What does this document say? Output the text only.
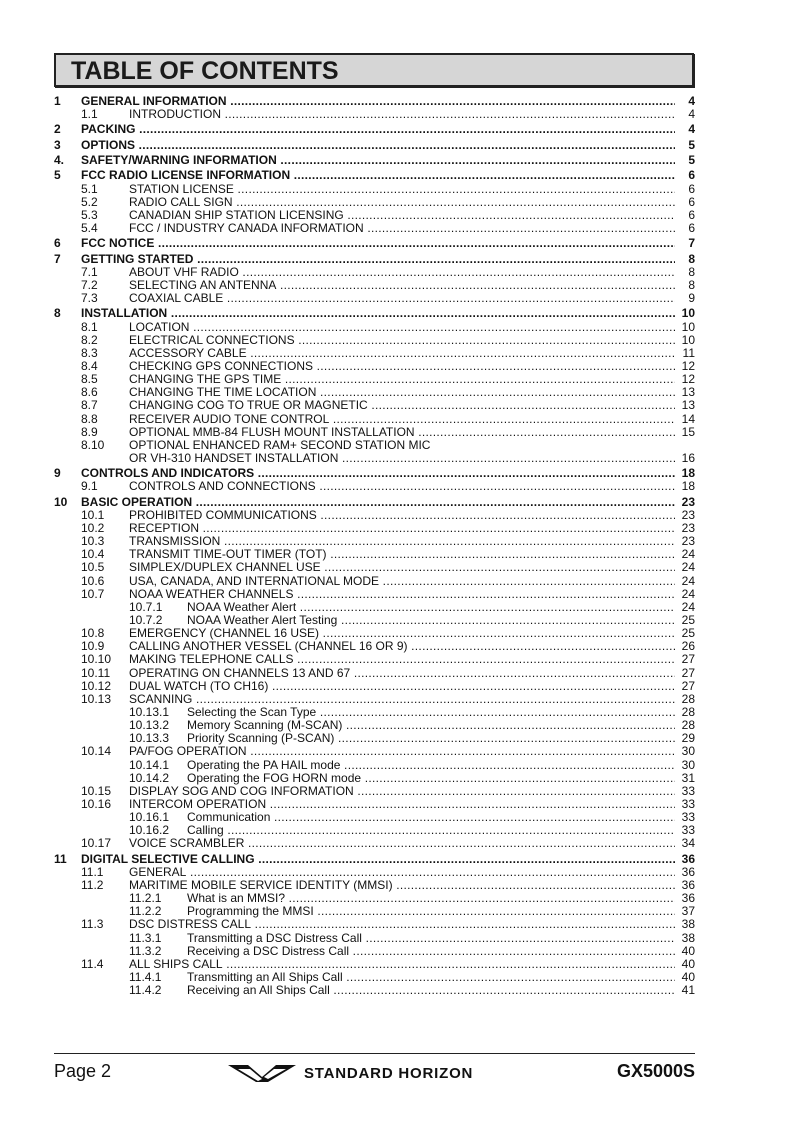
TABLE OF CONTENTS
1 GENERAL INFORMATION .....	4
1.1	INTRODUCTION .....	4
2 PACKING .....	4
3 OPTIONS .....	5
4. SAFETY/WARNING INFORMATION .....	5
5 FCC RADIO LICENSE INFORMATION .....	6
5.1	STATION LICENSE .....	6
5.2	RADIO CALL SIGN .....	6
5.3	CANADIAN SHIP STATION LICENSING .....	6
5.4	FCC / INDUSTRY CANADA INFORMATION .....	6
6 FCC NOTICE .....	7
7 GETTING STARTED .....	8
7.1	ABOUT VHF RADIO .....	8
7.2	SELECTING AN ANTENNA .....	8
7.3	COAXIAL CABLE .....	9
8 INSTALLATION .....	10
8.1	LOCATION .....	10
8.2	ELECTRICAL CONNECTIONS .....	10
8.3	ACCESSORY CABLE .....	11
8.4	CHECKING GPS CONNECTIONS .....	12
8.5	CHANGING THE GPS TIME .....	12
8.6	CHANGING THE TIME LOCATION .....	13
8.7	CHANGING COG TO TRUE OR MAGNETIC .....	13
8.8	RECEIVER AUDIO TONE CONTROL .....	14
8.9	OPTIONAL MMB-84 FLUSH MOUNT INSTALLATION .....	15
8.10 OPTIONAL ENHANCED RAM+ SECOND STATION MIC
OR VH-310 HANDSET INSTALLATION .....	16
9 CONTROLS AND INDICATORS .....	18
9.1	CONTROLS AND CONNECTIONS .....	18
10 BASIC OPERATION .....	23
10.1 PROHIBITED COMMUNICATIONS .....	23
10.2 RECEPTION .....	23
10.3 TRANSMISSION .....	23
10.4 TRANSMIT TIME-OUT TIMER (TOT) .....	24
10.5 SIMPLEX/DUPLEX CHANNEL USE .....	24
10.6 USA, CANADA, AND INTERNATIONAL MODE .....	24
10.7 NOAA WEATHER CHANNELS .....	24
10.7.1 NOAA Weather Alert .....	24
10.7.2 NOAA Weather Alert Testing .....	25
10.8 EMERGENCY (CHANNEL 16 USE) .....	25
10.9 CALLING ANOTHER VESSEL (CHANNEL 16 OR 9) .....	26
10.10 MAKING TELEPHONE CALLS .....	27
10.11 OPERATING ON CHANNELS 13 AND 67 .....	27
10.12 DUAL WATCH (TO CH16) .....	27
10.13 SCANNING .....	28
10.13.1 Selecting the Scan Type .....	28
10.13.2 Memory Scanning (M-SCAN) .....	28
10.13.3 Priority Scanning (P-SCAN) .....	29
10.14 PA/FOG OPERATION .....	30
10.14.1 Operating the PA HAIL mode .....	30
10.14.2 Operating the FOG HORN mode .....	31
10.15 DISPLAY SOG AND COG INFORMATION .....	33
10.16 INTERCOM OPERATION .....	33
10.16.1 Communication .....	33
10.16.2 Calling .....	33
10.17 VOICE SCRAMBLER .....	34
11 DIGITAL SELECTIVE CALLING .....	36
11.1 GENERAL .....	36
11.2 MARITIME MOBILE SERVICE IDENTITY (MMSI) .....	36
11.2.1 What is an MMSI? .....	36
11.2.2 Programming the MMSI .....	37
11.3 DSC DISTRESS CALL .....	38
11.3.1 Transmitting a DSC Distress Call .....	38
11.3.2 Receiving a DSC Distress Call .....	40
11.4 ALL SHIPS CALL .....	40
11.4.1 Transmitting an All Ships Call .....	40
11.4.2 Receiving an All Ships Call .....	41
Page 2	STANDARD HORIZON	GX5000S
